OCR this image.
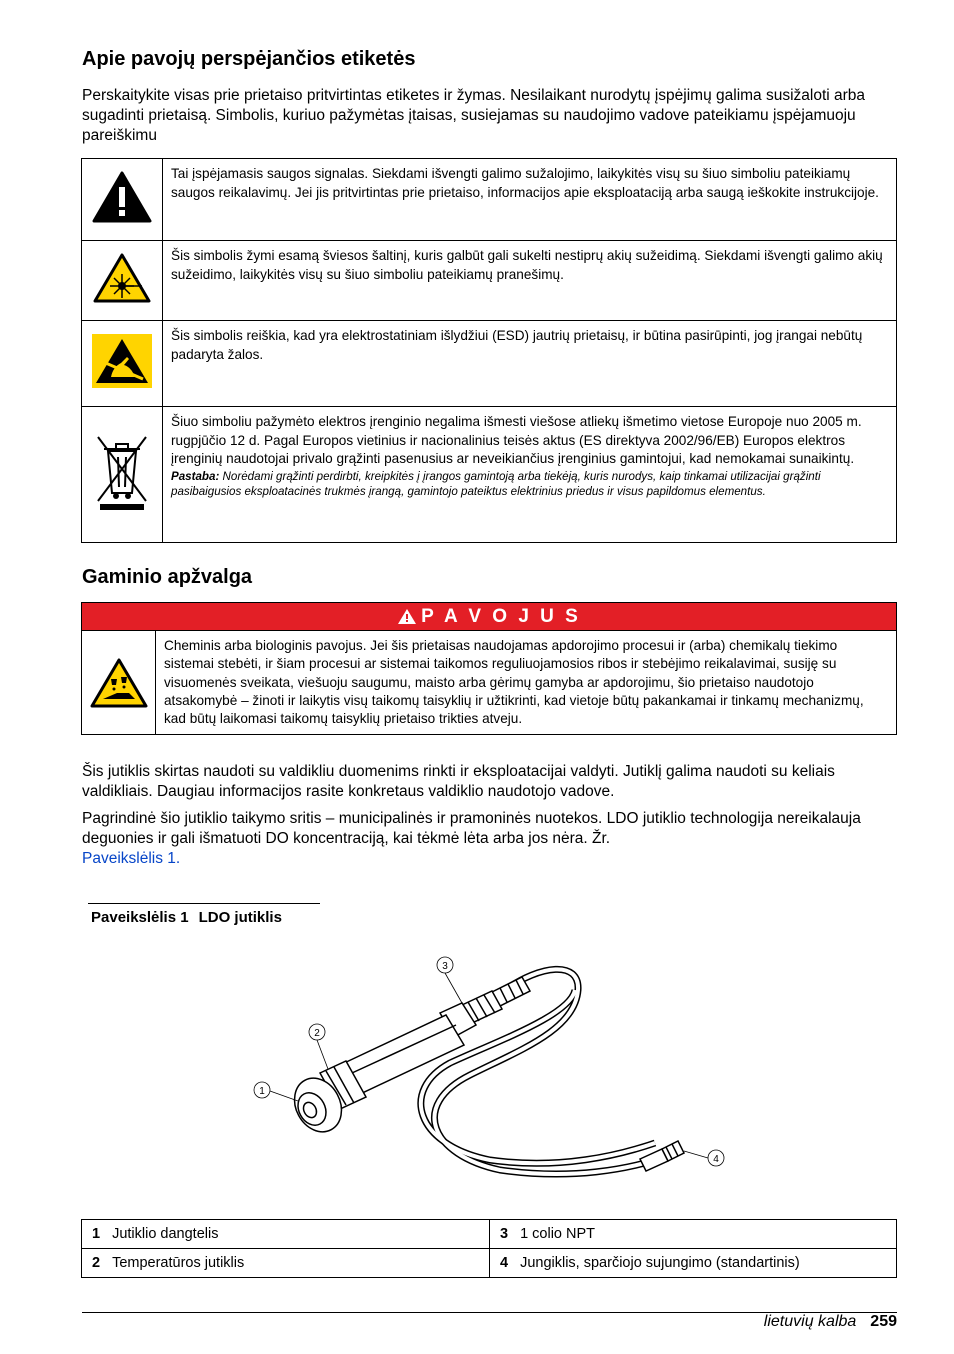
Apie pavojų perspėjančios etiketės
Perskaitykite visas prie prietaiso pritvirtintas etiketes ir žymas. Nesilaikant nurodytų įspėjimų galima susižaloti arba sugadinti prietaisą. Simbolis, kuriuo pažymėtas įtaisas, susiejamas su naudojimo vadove pateikiamu įspėjamuoju pareiškimu
	Tai įspėjamasis saugos signalas. Siekdami išvengti galimo sužalojimo, laikykitės visų su šiuo simboliu pateikiamų saugos reikalavimų. Jei jis pritvirtintas prie prietaiso, informacijos apie eksploataciją arba saugą ieškokite instrukcijoje.
	Šis simbolis žymi esamą šviesos šaltinį, kuris galbūt gali sukelti nestiprų akių sužeidimą. Siekdami išvengti galimo akių sužeidimo, laikykitės visų su šiuo simboliu pateikiamų pranešimų.
	Šis simbolis reiškia, kad yra elektrostatiniam išlydžiui (ESD) jautrių prietaisų, ir būtina pasirūpinti, jog įrangai nebūtų padaryta žalos.

Šiuo simboliu pažymėto elektros įrenginio negalima išmesti viešose atliekų išmetimo vietose Europoje nuo 2005 m. rugpjūčio 12 d. Pagal Europos vietinius ir nacionalinius teisės aktus (ES direktyva 2002/96/EB) Europos elektros įrenginių naudotojai privalo grąžinti pasenusius ar neveikiančius įrenginius gamintojui, kad nemokamai sunaikintų.
Pastaba: Norėdami grąžinti perdirbti, kreipkitės į įrangos gamintoją arba tiekėją, kuris nurodys, kaip tinkamai utilizacijai grąžinti pasibaigusios eksploatacinės trukmės įrangą, gamintojo pateiktus elektrinius priedus ir visus papildomus elementus.
Gaminio apžvalga
P A V O J U S
Cheminis arba biologinis pavojus. Jei šis prietaisas naudojamas apdorojimo procesui ir (arba) chemikalų tiekimo sistemai stebėti, ir šiam procesui ar sistemai taikomos reguliuojamosios ribos ir stebėjimo reikalavimai, susiję su visuomenės sveikata, viešuoju saugumu, maisto arba gėrimų gamyba ar apdorojimu, šio prietaiso naudotojo atsakomybė – žinoti ir laikytis visų taikomų taisyklių ir užtikrinti, kad vietoje būtų pakankamai ir tinkamų mechanizmų, kad būtų laikomasi taikomų taisyklių prietaiso trikties atveju.
Šis jutiklis skirtas naudoti su valdikliu duomenims rinkti ir eksploatacijai valdyti. Jutiklį galima naudoti su keliais valdikliais. Daugiau informacijos rasite konkretaus valdiklio naudotojo vadove.
Pagrindinė šio jutiklio taikymo sritis – municipalinės ir pramoninės nuotekos. LDO jutiklio technologija nereikalauja deguonies ir gali išmatuoti DO koncentraciją, kai tėkmė lėta arba jos nėra. Žr.
Paveikslėlis 1.
Paveikslėlis 1 LDO jutiklis
1
2
3
4
1 Jutiklio dangtelis	3 1 colio NPT
2 Temperatūros jutiklis	4 Jungiklis, sparčiojo sujungimo (standartinis)
lietuvių kalba 259
